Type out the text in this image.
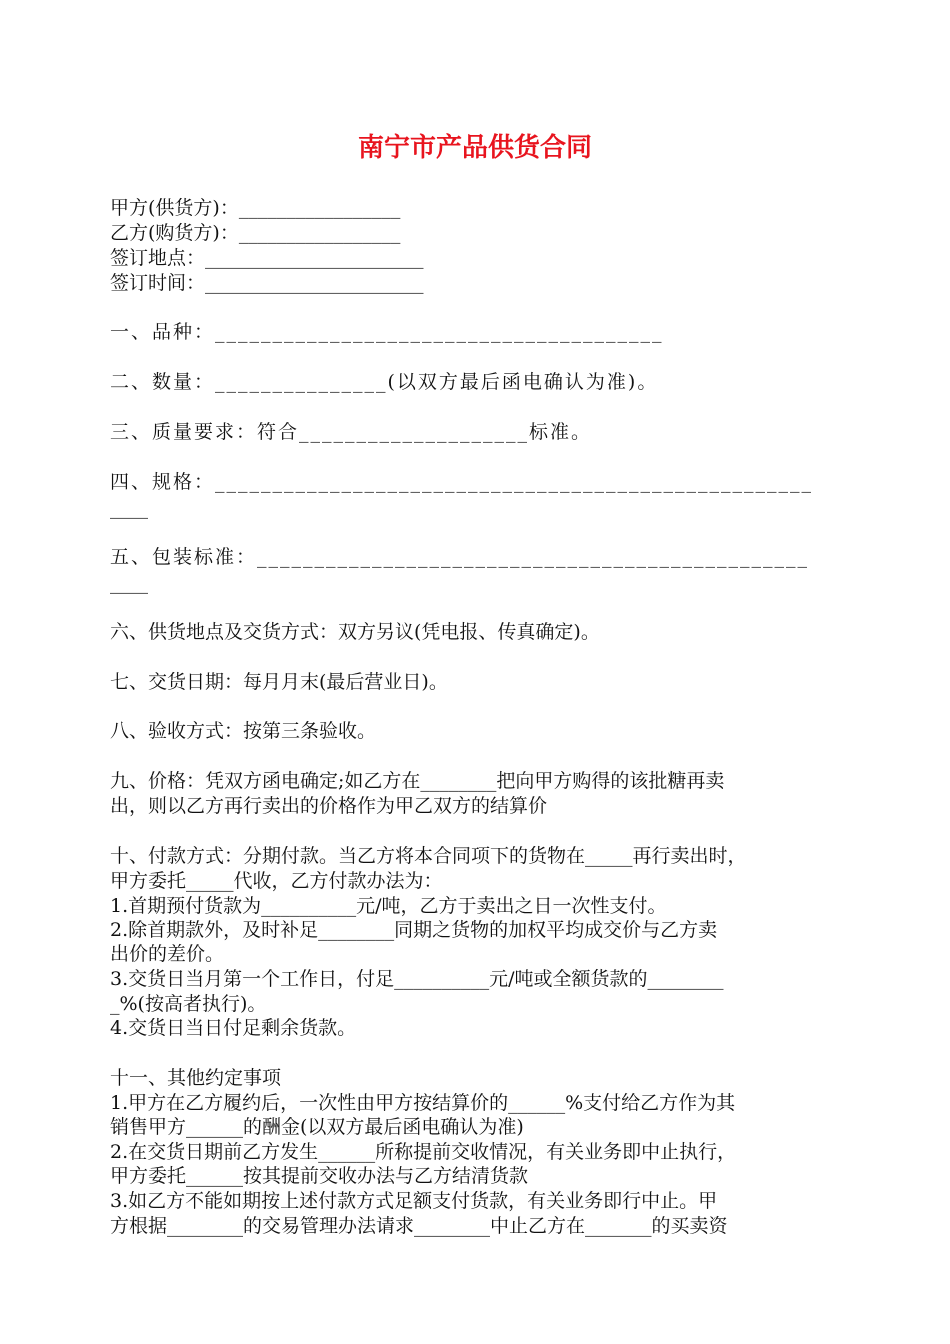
南宁市产品供货合同
甲方(供货方)：_________________
乙方(购货方)：_________________
签订地点：_______________________
签订时间：_______________________
一、品种：_______________________________________
二、数量：_______________(以双方最后函电确认为准)。
三、质量要求：符合____________________标准。
四、规格：____________________________________________________
____
五、包装标准：________________________________________________
____
六、供货地点及交货方式：双方另议(凭电报、传真确定)。
七、交货日期：每月月末(最后营业日)。
八、验收方式：按第三条验收。
九、价格：凭双方函电确定;如乙方在________把向甲方购得的该批糖再卖
出，则以乙方再行卖出的价格作为甲乙双方的结算价
十、付款方式：分期付款。当乙方将本合同项下的货物在_____再行卖出时，
甲方委托_____代收，乙方付款办法为：
1.首期预付货款为__________元/吨，乙方于卖出之日一次性支付。
2.除首期款外，及时补足________同期之货物的加权平均成交价与乙方卖
出价的差价。
3.交货日当月第一个工作日，付足__________元/吨或全额货款的________
_%(按高者执行)。
4.交货日当日付足剩余货款。
十一、其他约定事项
1.甲方在乙方履约后，一次性由甲方按结算价的______%支付给乙方作为其
销售甲方______的酬金(以双方最后函电确认为准)
2.在交货日期前乙方发生______所称提前交收情况，有关业务即中止执行，
甲方委托______按其提前交收办法与乙方结清货款
3.如乙方不能如期按上述付款方式足额支付货款，有关业务即行中止。甲
方根据________的交易管理办法请求________中止乙方在_______的买卖资
